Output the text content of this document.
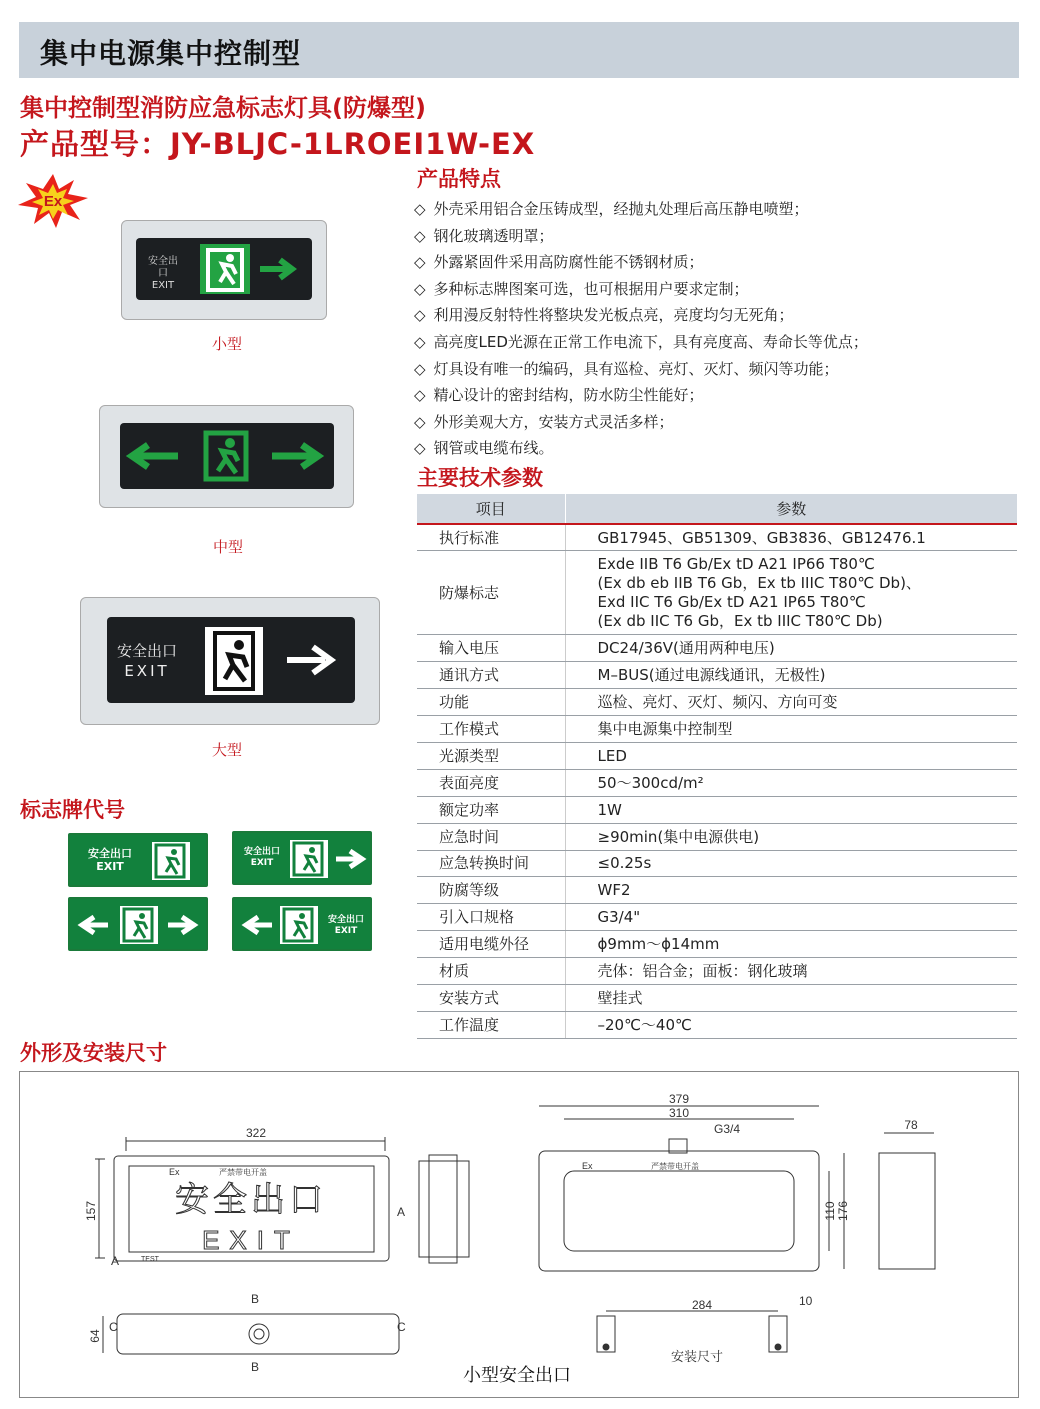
集中电源集中控制型
集中控制型消防应急标志灯具(防爆型)
产品型号：JY-BLJC-1LROEⅠ1W-EX
Ex
安全出口
EXIT
小型
中型
安全出口
EXIT
大型
标志牌代号
安全出口
EXIT
安全出口
EXIT
安全出口
EXIT
产品特点
◇ 外壳采用铝合金压铸成型，经抛丸处理后高压静电喷塑；
◇ 钢化玻璃透明罩；
◇ 外露紧固件采用高防腐性能不锈钢材质；
◇ 多种标志牌图案可选，也可根据用户要求定制；
◇ 利用漫反射特性将整块发光板点亮，亮度均匀无死角；
◇ 高亮度LED光源在正常工作电流下，具有亮度高、寿命长等优点；
◇ 灯具设有唯一的编码，具有巡检、亮灯、灭灯、频闪等功能；
◇ 精心设计的密封结构，防水防尘性能好；
◇ 外形美观大方，安装方式灵活多样；
◇ 钢管或电缆布线。
主要技术参数
项目	参数
执行标准	GB17945、GB51309、GB3836、GB12476.1
防爆标志	Exde IIB T6 Gb/Ex tD A21 IP66 T80℃
(Ex db eb IIB T6 Gb，Ex tb IIIC T80℃ Db)、
Exd IIC T6 Gb/Ex tD A21 IP65 T80℃
(Ex db IIC T6 Gb，Ex tb IIIC T80℃ Db)
输入电压	DC24/36V(通用两种电压)
通讯方式	M–BUS(通过电源线通讯，无极性)
功能	巡检、亮灯、灭灯、频闪、方向可变
工作模式	集中电源集中控制型
光源类型	LED
表面亮度	50～300cd/m²
额定功率	1W
应急时间	≥90min(集中电源供电)
应急转换时间	≤0.25s
防腐等级	WF2
引入口规格	G3/4"
适用电缆外径	ϕ9mm～ϕ14mm
材质	壳体：铝合金；面板：钢化玻璃
安装方式	壁挂式
工作温度	–20℃～40℃
外形及安装尺寸
322
157
Ex	严禁带电开盖
安全出口
EXIT
TEST
A
A
B
B
C
C
64
379
310
G3/4
Ex	严禁带电开盖
110 176
78
284	10
安装尺寸
小型安全出口
